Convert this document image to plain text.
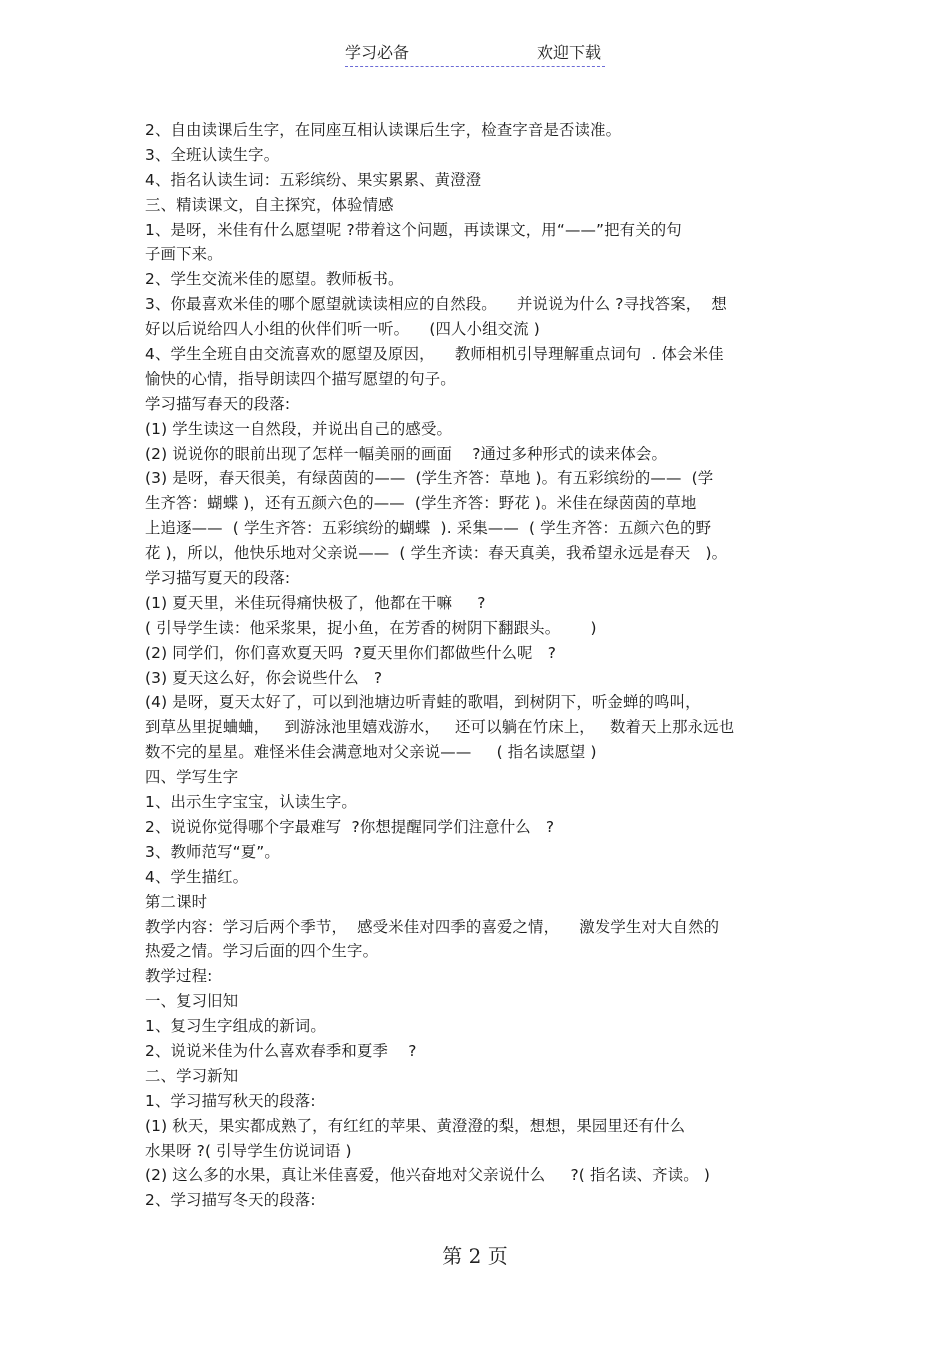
学习必备	欢迎下载
2、自由读课后生字，在同座互相认读课后生字，检查字音是否读准。
3、全班认读生字。
4、指名认读生词：五彩缤纷、果实累累、黄澄澄
三、精读课文，自主探究，体验情感
1、是呀，米佳有什么愿望呢 ?带着这个问题，再读课文，用“——”把有关的句
子画下来。
2、学生交流米佳的愿望。教师板书。
3、你最喜欢米佳的哪个愿望就读读相应的自然段。    并说说为什么 ?寻找答案，  想
好以后说给四人小组的伙伴们听一听。    (四人小组交流 )
4、学生全班自由交流喜欢的愿望及原因，    教师相机引导理解重点词句  . 体会米佳
愉快的心情，指导朗读四个描写愿望的句子。
学习描写春天的段落:
(1) 学生读这一自然段，并说出自己的感受。
(2) 说说你的眼前出现了怎样一幅美丽的画面    ?通过多种形式的读来体会。
(3) 是呀，春天很美，有绿茵茵的——  (学生齐答：草地 )。有五彩缤纷的——  (学
生齐答：蝴蝶 )，还有五颜六色的——  (学生齐答：野花 )。米佳在绿茵茵的草地
上追逐——  ( 学生齐答：五彩缤纷的蝴蝶  ). 采集——  ( 学生齐答：五颜六色的野
花 )，所以，他快乐地对父亲说——  ( 学生齐读：春天真美，我希望永远是春天   )。
学习描写夏天的段落:
(1) 夏天里，米佳玩得痛快极了，他都在干嘛     ?
( 引导学生读：他采浆果，捉小鱼，在芳香的树阴下翻跟头。      )
(2) 同学们，你们喜欢夏天吗  ?夏天里你们都做些什么呢   ?
(3) 夏天这么好，你会说些什么   ?
(4) 是呀，夏天太好了，可以到池塘边听青蛙的歌唱，到树阴下，听金蝉的鸣叫，
到草丛里捉蛐蛐，   到游泳池里嬉戏游水，   还可以躺在竹床上，   数着天上那永远也
数不完的星星。难怪米佳会满意地对父亲说——     ( 指名读愿望 )
四、学写生字
1、出示生字宝宝，认读生字。
2、说说你觉得哪个字最难写  ?你想提醒同学们注意什么   ?
3、教师范写“夏”。
4、学生描红。
第二课时
教学内容：学习后两个季节，  感受米佳对四季的喜爱之情，    激发学生对大自然的
热爱之情。学习后面的四个生字。
教学过程:
一、复习旧知
1、复习生字组成的新词。
2、说说米佳为什么喜欢春季和夏季    ?
二、学习新知
1、学习描写秋天的段落:
(1) 秋天，果实都成熟了，有红红的苹果、黄澄澄的梨，想想，果园里还有什么
水果呀 ?( 引导学生仿说词语 )
(2) 这么多的水果，真让米佳喜爱，他兴奋地对父亲说什么     ?( 指名读、齐读。 )
2、学习描写冬天的段落:
第 2 页
